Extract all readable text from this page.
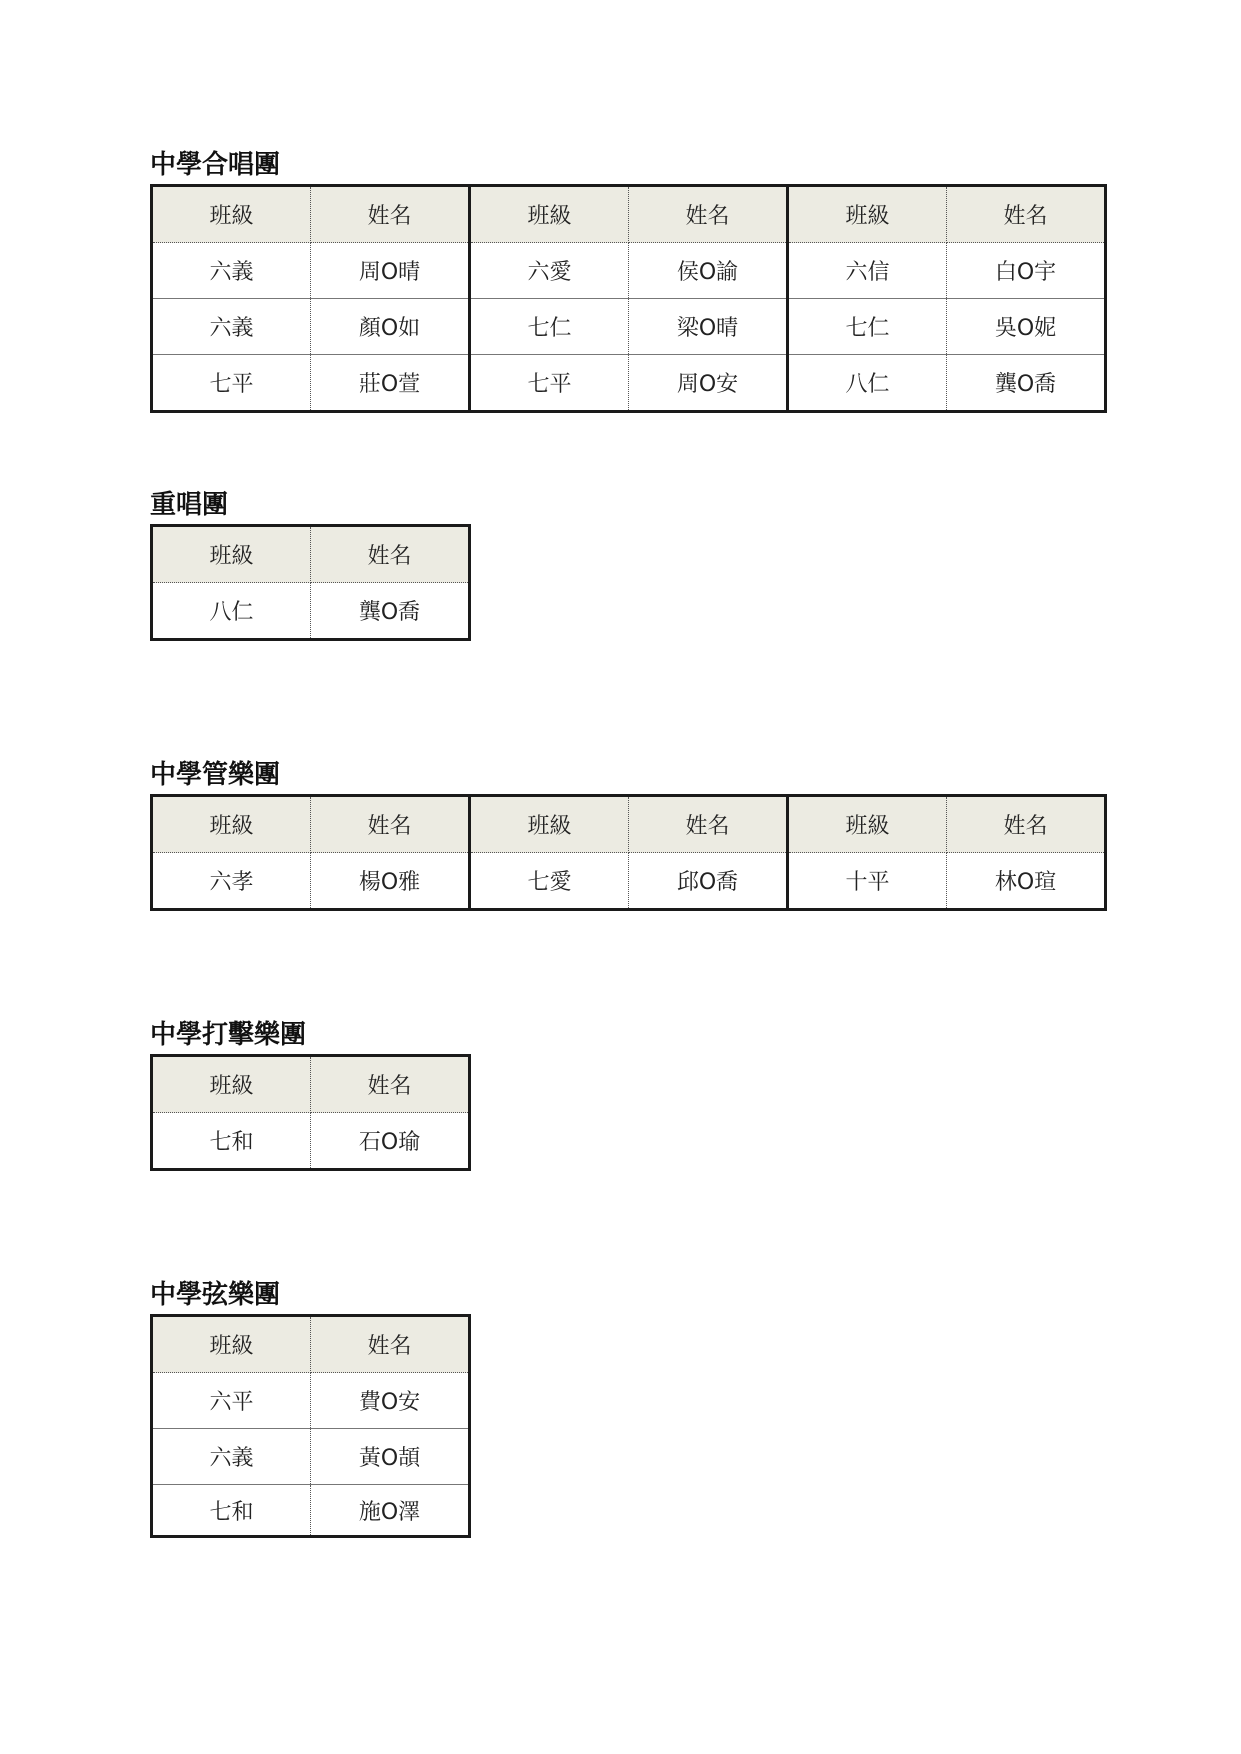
中學合唱團
班級	姓名	班級	姓名	班級	姓名
六義	周O晴	六愛	侯O諭	六信	白O宇
六義	顏O如	七仁	梁O晴	七仁	吳O妮
七平	莊O萱	七平	周O安	八仁	龔O喬
重唱團
班級	姓名
八仁	龔O喬
中學管樂團
班級	姓名	班級	姓名	班級	姓名
六孝	楊O雅	七愛	邱O喬	十平	林O瑄
中學打擊樂團
班級	姓名
七和	石O瑜
中學弦樂團
班級	姓名
六平	費O安
六義	黃O頡
七和	施O澤
